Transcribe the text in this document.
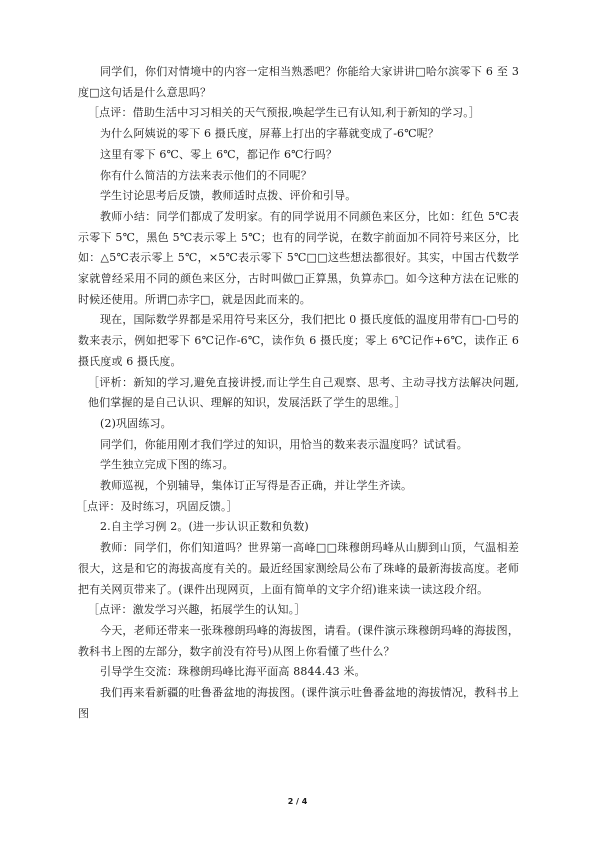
同学们，你们对情境中的内容一定相当熟悉吧？你能给大家讲讲□哈尔滨零下 6 至 3 度□这句话是什么意思吗？

［点评：借助生活中习习相关的天气预报,唤起学生已有认知,利于新知的学习。］

为什么阿姨说的零下 6 摄氏度，屏幕上打出的字幕就变成了-6℃呢？

这里有零下 6℃、零上 6℃，都记作 6℃行吗？

你有什么简洁的方法来表示他们的不同呢？

学生讨论思考后反馈，教师适时点拨、评价和引导。

教师小结：同学们都成了发明家。有的同学说用不同颜色来区分，比如：红色 5℃表示零下 5℃，黑色 5℃表示零上 5℃；也有的同学说，在数字前面加不同符号来区分，比如：△5℃表示零上 5℃，×5℃表示零下 5℃□□这些想法都很好。其实，中国古代数学家就曾经采用不同的颜色来区分，古时叫做□正算黑，负算赤□。如今这种方法在记账的时候还使用。所谓□赤字□，就是因此而来的。

现在，国际数学界都是采用符号来区分，我们把比 0 摄氏度低的温度用带有□-□号的数来表示，例如把零下 6℃记作-6℃，读作负 6 摄氏度；零上 6℃记作+6℃，读作正 6 摄氏度或 6 摄氏度。

［评析：新知的学习,避免直接讲授,而让学生自己观察、思考、主动寻找方法解决问题,他们掌握的是自己认识、理解的知识，发展活跃了学生的思维。］

(2)巩固练习。

同学们，你能用刚才我们学过的知识，用恰当的数来表示温度吗？试试看。

学生独立完成下图的练习。

教师巡视，个别辅导，集体订正写得是否正确，并让学生齐读。

［点评：及时练习，巩固反馈。］

2.自主学习例 2。(进一步认识正数和负数)

教师：同学们，你们知道吗？世界第一高峰□□珠穆朗玛峰从山脚到山顶，气温相差很大，这是和它的海拔高度有关的。最近经国家测绘局公布了珠峰的最新海拔高度。老师把有关网页带来了。(课件出现网页，上面有简单的文字介绍)谁来读一读这段介绍。

［点评：激发学习兴趣，拓展学生的认知。］

今天，老师还带来一张珠穆朗玛峰的海拔图，请看。(课件演示珠穆朗玛峰的海拔图，教科书上图的左部分，数字前没有符号)从图上你看懂了些什么？

引导学生交流：珠穆朗玛峰比海平面高 8844.43 米。

我们再来看新疆的吐鲁番盆地的海拔图。(课件演示吐鲁番盆地的海拔情况，教科书上图

2 / 4
